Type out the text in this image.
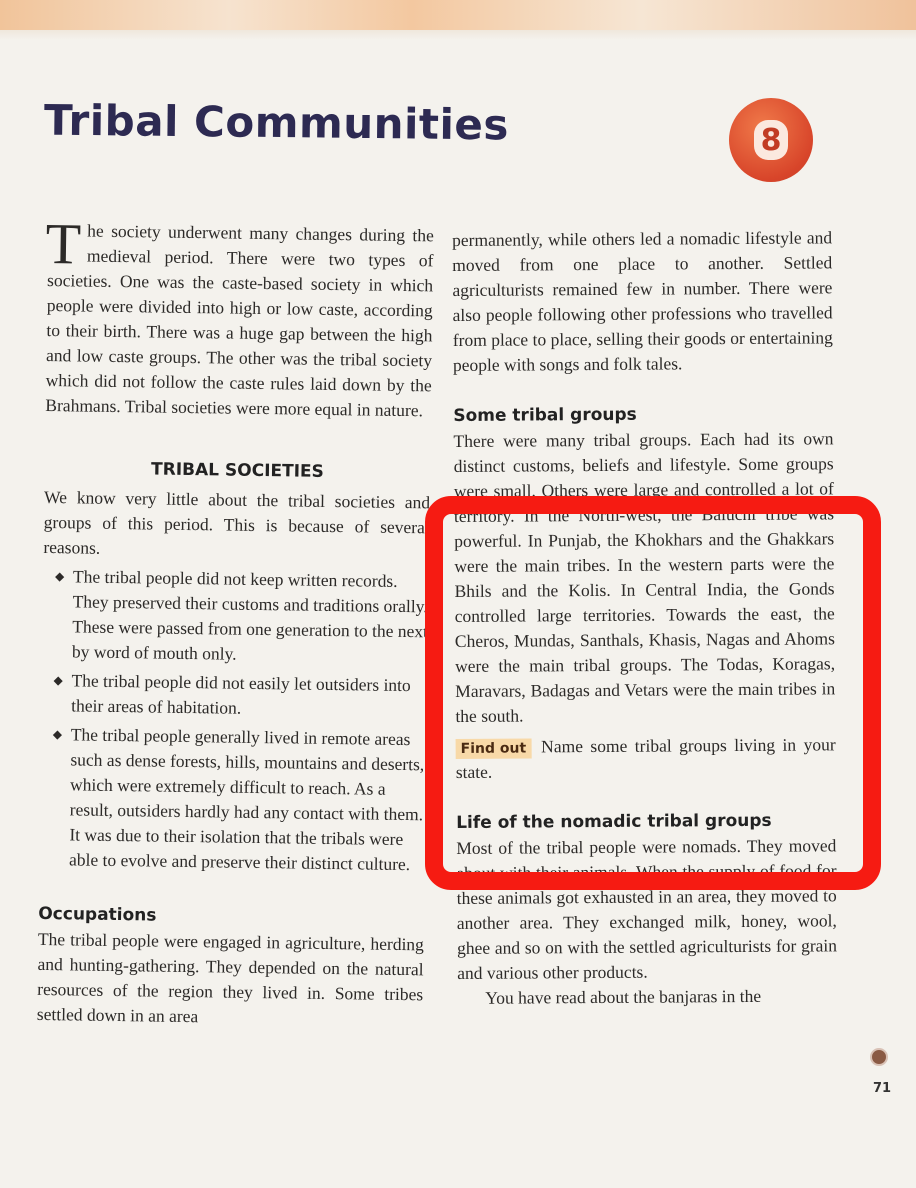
Tribal Communities	8

The society underwent many changes during the medieval period. There were two types of societies. One was the caste-based society in which people were divided into high or low caste, according to their birth. There was a huge gap between the high and low caste groups. The other was the tribal society which did not follow the caste rules laid down by the Brahmans. Tribal societies were more equal in nature.

TRIBAL SOCIETIES

We know very little about the tribal societies and groups of this period. This is because of several reasons.

◆ The tribal people did not keep written records. They preserved their customs and traditions orally. These were passed from one generation to the next by word of mouth only.
◆ The tribal people did not easily let outsiders into their areas of habitation.
◆ The tribal people generally lived in remote areas such as dense forests, hills, mountains and deserts, which were extremely difficult to reach. As a result, outsiders hardly had any contact with them. It was due to their isolation that the tribals were able to evolve and preserve their distinct culture.
Occupations

The tribal people were engaged in agriculture, herding and hunting-gathering. They depended on the natural resources of the region they lived in. Some tribes settled down in an area

permanently, while others led a nomadic lifestyle and moved from one place to another. Settled agriculturists remained few in number. There were also people following other professions who travelled from place to place, selling their goods or entertaining people with songs and folk tales.

Some tribal groups

There were many tribal groups. Each had its own distinct customs, beliefs and lifestyle. Some groups were small. Others were large and controlled a lot of territory. In the North-west, the Baluchi tribe was powerful. In Punjab, the Khokhars and the Ghakkars were the main tribes. In the western parts were the Bhils and the Kolis. In Central India, the Gonds controlled large territories. Towards the east, the Cheros, Mundas, Santhals, Khasis, Nagas and Ahoms were the main tribal groups. The Todas, Koragas, Maravars, Badagas and Vetars were the main tribes in the south.

Find out Name some tribal groups living in your state.

Life of the nomadic tribal groups

Most of the tribal people were nomads. They moved about with their animals. When the supply of food for these animals got exhausted in an area, they moved to another area. They exchanged milk, honey, wool, ghee and so on with the settled agriculturists for grain and various other products.

You have read about the banjaras in the

71
